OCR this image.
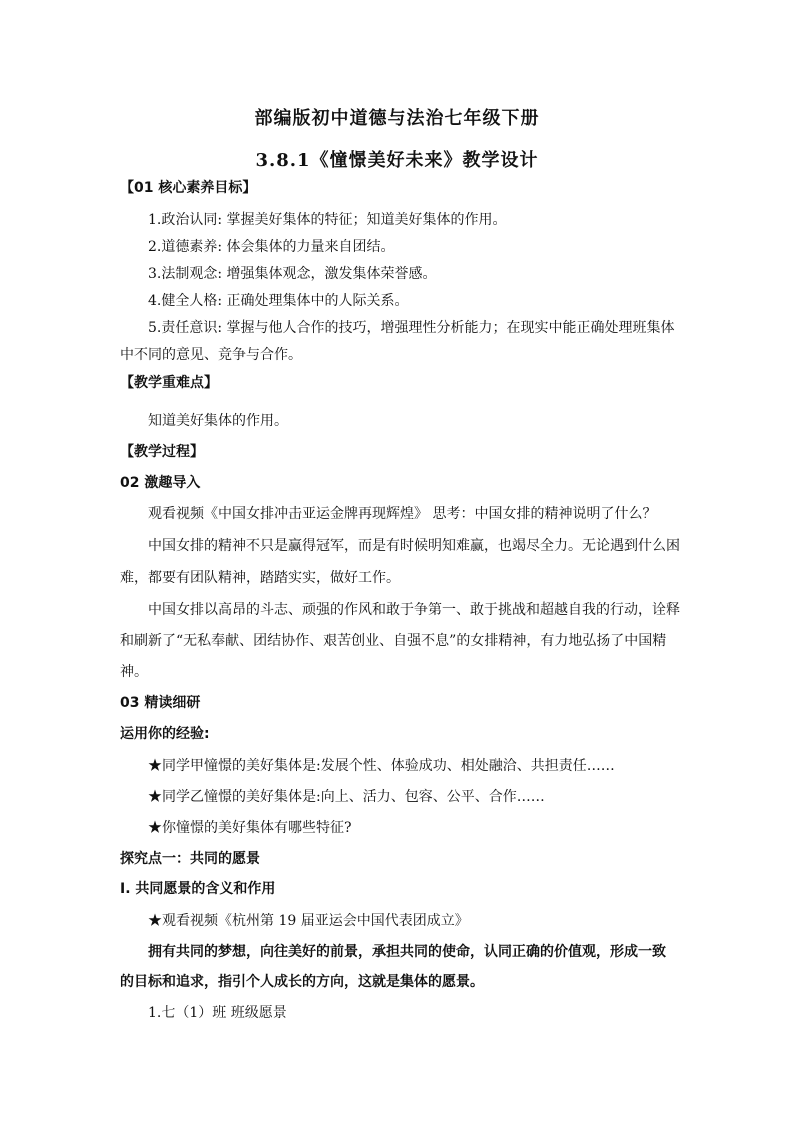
部编版初中道德与法治七年级下册
3.8.1《憧憬美好未来》教学设计
【01 核心素养目标】
1.政治认同: 掌握美好集体的特征；知道美好集体的作用。
2.道德素养: 体会集体的力量来自团结。
3.法制观念: 增强集体观念，激发集体荣誉感。
4.健全人格: 正确处理集体中的人际关系。
5.责任意识: 掌握与他人合作的技巧，增强理性分析能力；在现实中能正确处理班集体
中不同的意见、竞争与合作。
【教学重难点】
知道美好集体的作用。
【教学过程】
02 激趣导入
观看视频《中国女排冲击亚运金牌再现辉煌》 思考：中国女排的精神说明了什么？
中国女排的精神不只是赢得冠军，而是有时候明知难赢，也竭尽全力。无论遇到什么困
难，都要有团队精神，踏踏实实，做好工作。
中国女排以高昂的斗志、顽强的作风和敢于争第一、敢于挑战和超越自我的行动，诠释
和刷新了“无私奉献、团结协作、艰苦创业、自强不息”的女排精神，有力地弘扬了中国精
神。
03 精读细研
运用你的经验:
★同学甲憧憬的美好集体是:发展个性、体验成功、相处融洽、共担责任……
★同学乙憧憬的美好集体是:向上、活力、包容、公平、合作……
★你憧憬的美好集体有哪些特征?
探究点一：共同的愿景
Ⅰ. 共同愿景的含义和作用
★观看视频《杭州第 19 届亚运会中国代表团成立》
拥有共同的梦想，向往美好的前景，承担共同的使命，认同正确的价值观，形成一致
的目标和追求，指引个人成长的方向，这就是集体的愿景。
1.七（1）班 班级愿景
